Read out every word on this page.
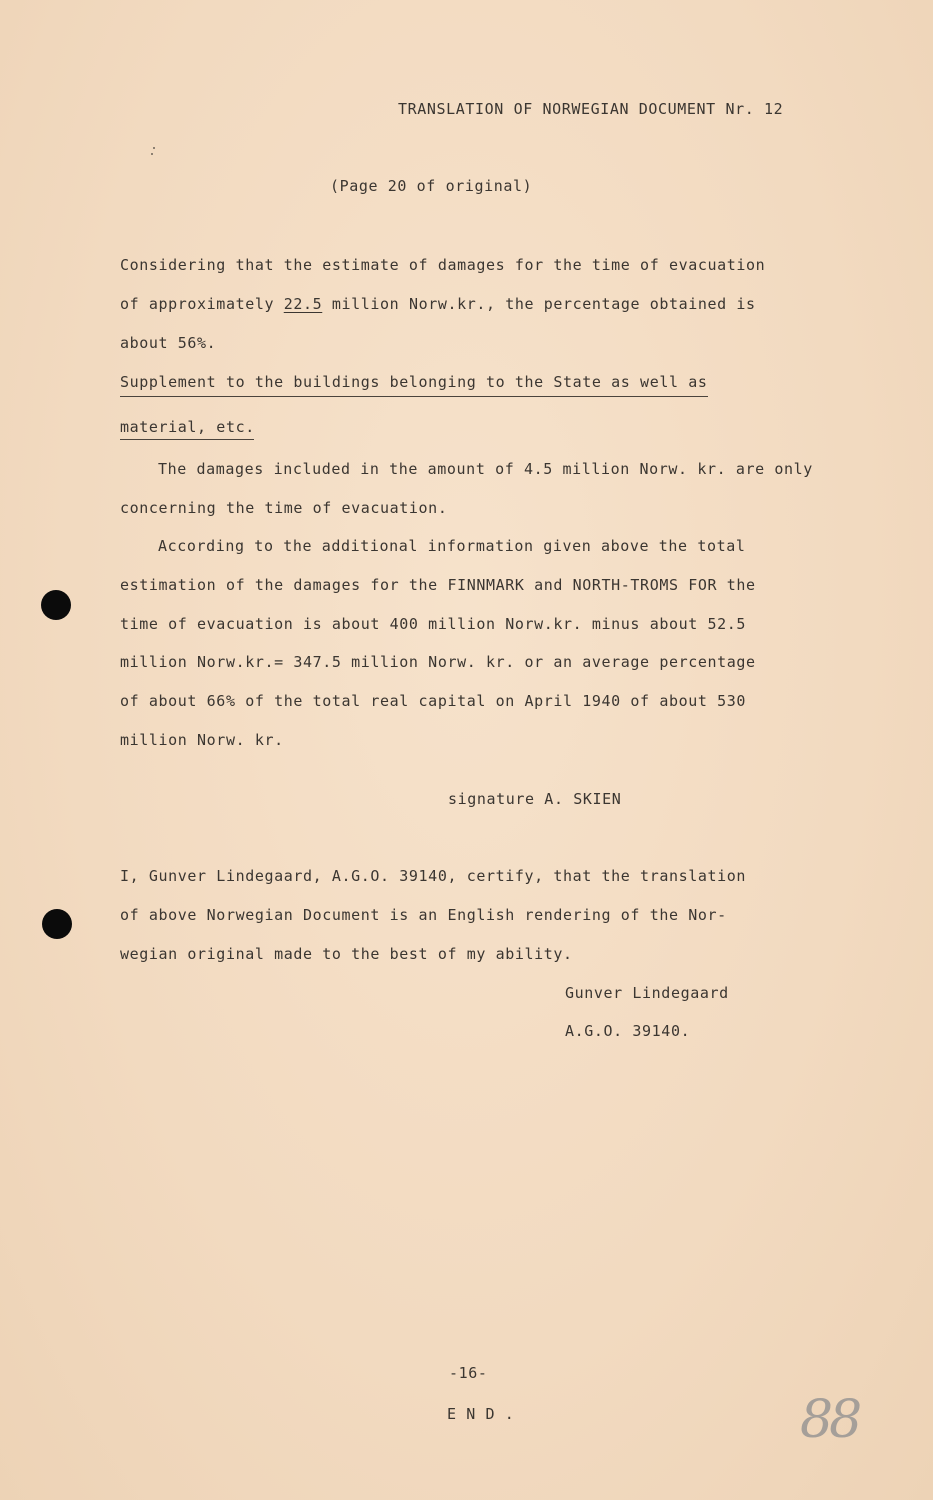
TRANSLATION OF NORWEGIAN DOCUMENT Nr. 12
(Page 20 of original)
Considering that the estimate of damages for the time of evacuation
of approximately 22.5 million Norw.kr., the percentage obtained is
about 56%.
Supplement to the buildings belonging to the State as well as
material, etc.
The damages included in the amount of 4.5 million Norw. kr. are only
concerning the time of evacuation.
According to the additional information given above the total
estimation of the damages for the FINNMARK and NORTH-TROMS FOR the
time of evacuation is about 400 million Norw.kr. minus about 52.5
million Norw.kr.= 347.5 million Norw. kr. or an average percentage
of about 66% of the total real capital on April 1940 of about 530
million Norw. kr.
signature A. SKIEN
I, Gunver Lindegaard, A.G.O. 39140, certify, that the translation
of above Norwegian Document is an English rendering of the Nor-
wegian original made to the best of my ability.
Gunver Lindegaard
A.G.O. 39140.
-16-
E N D .	88
